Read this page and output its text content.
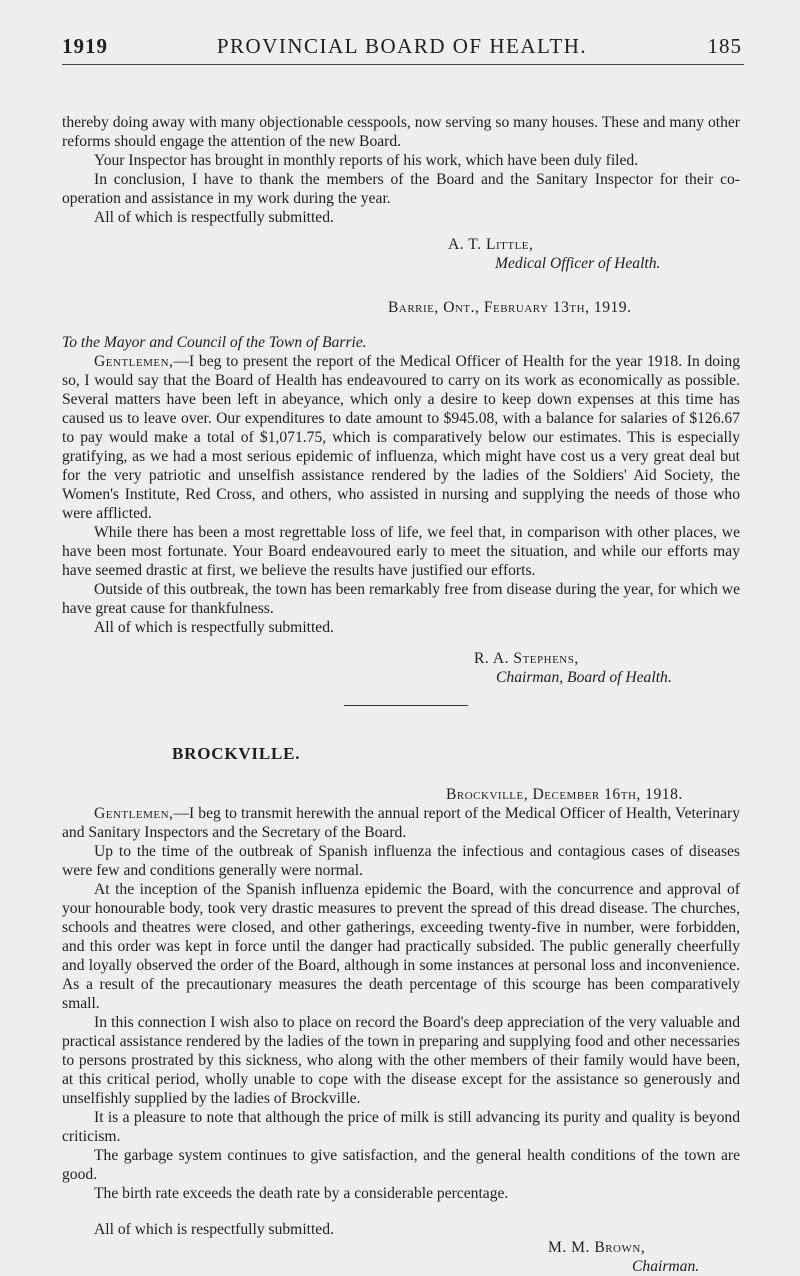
1919	PROVINCIAL BOARD OF HEALTH.	185

thereby doing away with many objectionable cesspools, now serving so many houses. These and many other reforms should engage the attention of the new Board.

Your Inspector has brought in monthly reports of his work, which have been duly filed.

In conclusion, I have to thank the members of the Board and the Sanitary Inspector for their co-operation and assistance in my work during the year.

All of which is respectfully submitted.

A. T. Little,
Medical Officer of Health.
Barrie, Ont., February 13th, 1919.

To the Mayor and Council of the Town of Barrie.

Gentlemen,—I beg to present the report of the Medical Officer of Health for the year 1918. In doing so, I would say that the Board of Health has endeavoured to carry on its work as economically as possible. Several matters have been left in abeyance, which only a desire to keep down expenses at this time has caused us to leave over. Our expenditures to date amount to $945.08, with a balance for salaries of $126.67 to pay would make a total of $1,071.75, which is comparatively below our estimates. This is especially gratifying, as we had a most serious epidemic of influenza, which might have cost us a very great deal but for the very patriotic and unselfish assistance rendered by the ladies of the Soldiers' Aid Society, the Women's Institute, Red Cross, and others, who assisted in nursing and supplying the needs of those who were afflicted.

While there has been a most regrettable loss of life, we feel that, in comparison with other places, we have been most fortunate. Your Board endeavoured early to meet the situation, and while our efforts may have seemed drastic at first, we believe the results have justified our efforts.

Outside of this outbreak, the town has been remarkably free from disease during the year, for which we have great cause for thankfulness.

All of which is respectfully submitted.

R. A. Stephens,
Chairman, Board of Health.
BROCKVILLE.
Brockville, December 16th, 1918.

Gentlemen,—I beg to transmit herewith the annual report of the Medical Officer of Health, Veterinary and Sanitary Inspectors and the Secretary of the Board.

Up to the time of the outbreak of Spanish influenza the infectious and contagious cases of diseases were few and conditions generally were normal.

At the inception of the Spanish influenza epidemic the Board, with the concurrence and approval of your honourable body, took very drastic measures to prevent the spread of this dread disease. The churches, schools and theatres were closed, and other gatherings, exceeding twenty-five in number, were forbidden, and this order was kept in force until the danger had practically subsided. The public generally cheerfully and loyally observed the order of the Board, although in some instances at personal loss and inconvenience. As a result of the precautionary measures the death percentage of this scourge has been comparatively small.

In this connection I wish also to place on record the Board's deep appreciation of the very valuable and practical assistance rendered by the ladies of the town in preparing and supplying food and other necessaries to persons prostrated by this sickness, who along with the other members of their family would have been, at this critical period, wholly unable to cope with the disease except for the assistance so generously and unselfishly supplied by the ladies of Brockville.

It is a pleasure to note that although the price of milk is still advancing its purity and quality is beyond criticism.

The garbage system continues to give satisfaction, and the general health conditions of the town are good.

The birth rate exceeds the death rate by a considerable percentage.

All of which is respectfully submitted.
M. M. Brown,
Chairman.
